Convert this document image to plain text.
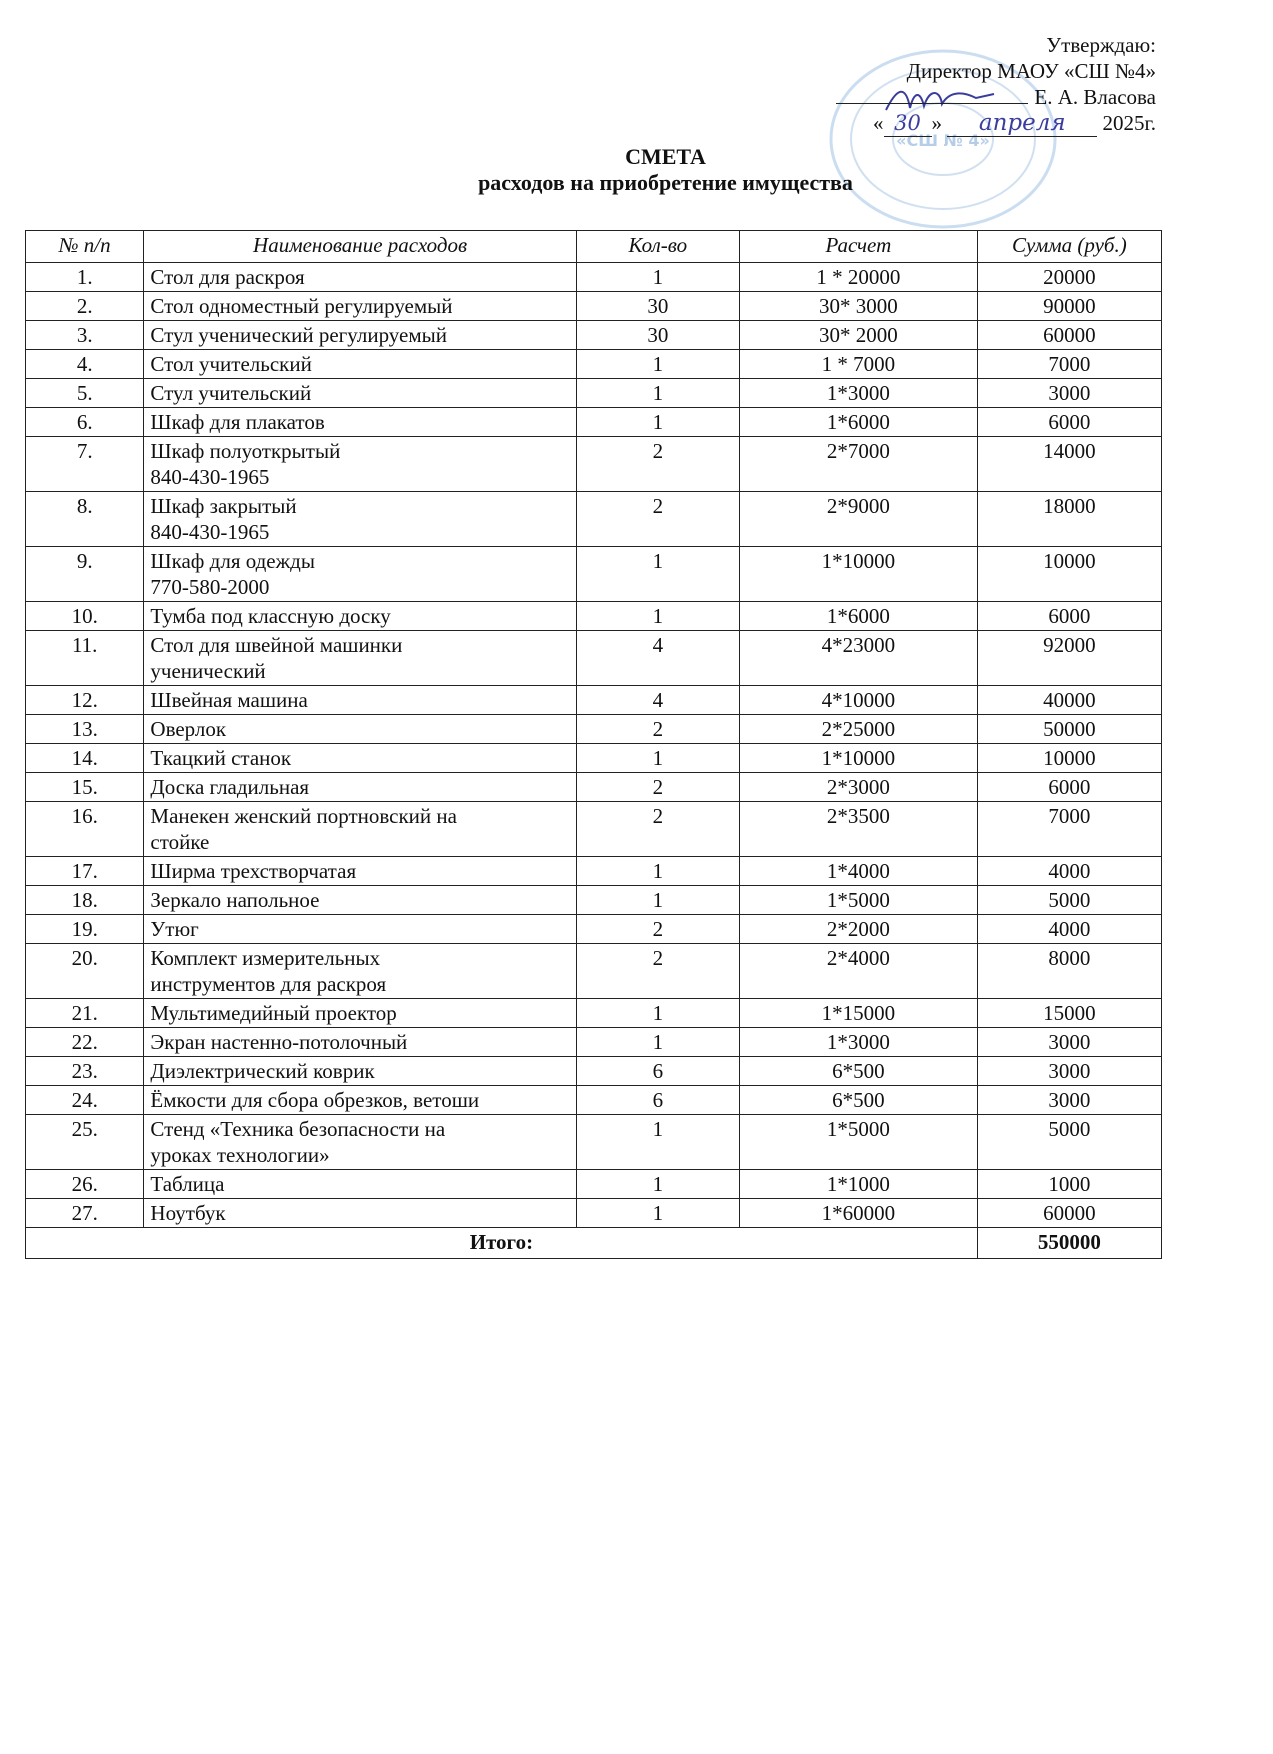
«СШ № 4»
Утверждаю:
Директор МАОУ «СШ №4»
Е. А. Власова
« 30 » апреля 2025г.
СМЕТА
расходов на приобретение имущества
№ п/п	Наименование расходов	Кол-во	Расчет	Сумма (руб.)
1.	Стол для раскроя	1	1 * 20000	20000
2.	Стол одноместный регулируемый	30	30* 3000	90000
3.	Стул ученический регулируемый	30	30* 2000	60000
4.	Стол учительский	1	1 * 7000	7000
5.	Стул учительский	1	1*3000	3000
6.	Шкаф для плакатов	1	1*6000	6000
7.	Шкаф полуоткрытый
840-430-1965	2	2*7000	14000
8.	Шкаф закрытый
840-430-1965	2	2*9000	18000
9.	Шкаф для одежды
770-580-2000	1	1*10000	10000
10.	Тумба под классную доску	1	1*6000	6000
11.	Стол для швейной машинки
ученический	4	4*23000	92000
12.	Швейная машина	4	4*10000	40000
13.	Оверлок	2	2*25000	50000
14.	Ткацкий станок	1	1*10000	10000
15.	Доска гладильная	2	2*3000	6000
16.	Манекен женский портновский на
стойке	2	2*3500	7000
17.	Ширма трехстворчатая	1	1*4000	4000
18.	Зеркало напольное	1	1*5000	5000
19.	Утюг	2	2*2000	4000
20.	Комплект измерительных
инструментов для раскроя	2	2*4000	8000
21.	Мультимедийный проектор	1	1*15000	15000
22.	Экран настенно-потолочный	1	1*3000	3000
23.	Диэлектрический коврик	6	6*500	3000
24.	Ёмкости для сбора обрезков, ветоши	6	6*500	3000
25.	Стенд «Техника безопасности на
уроках технологии»	1	1*5000	5000
26.	Таблица	1	1*1000	1000
27.	Ноутбук	1	1*60000	60000
Итого:				550000
